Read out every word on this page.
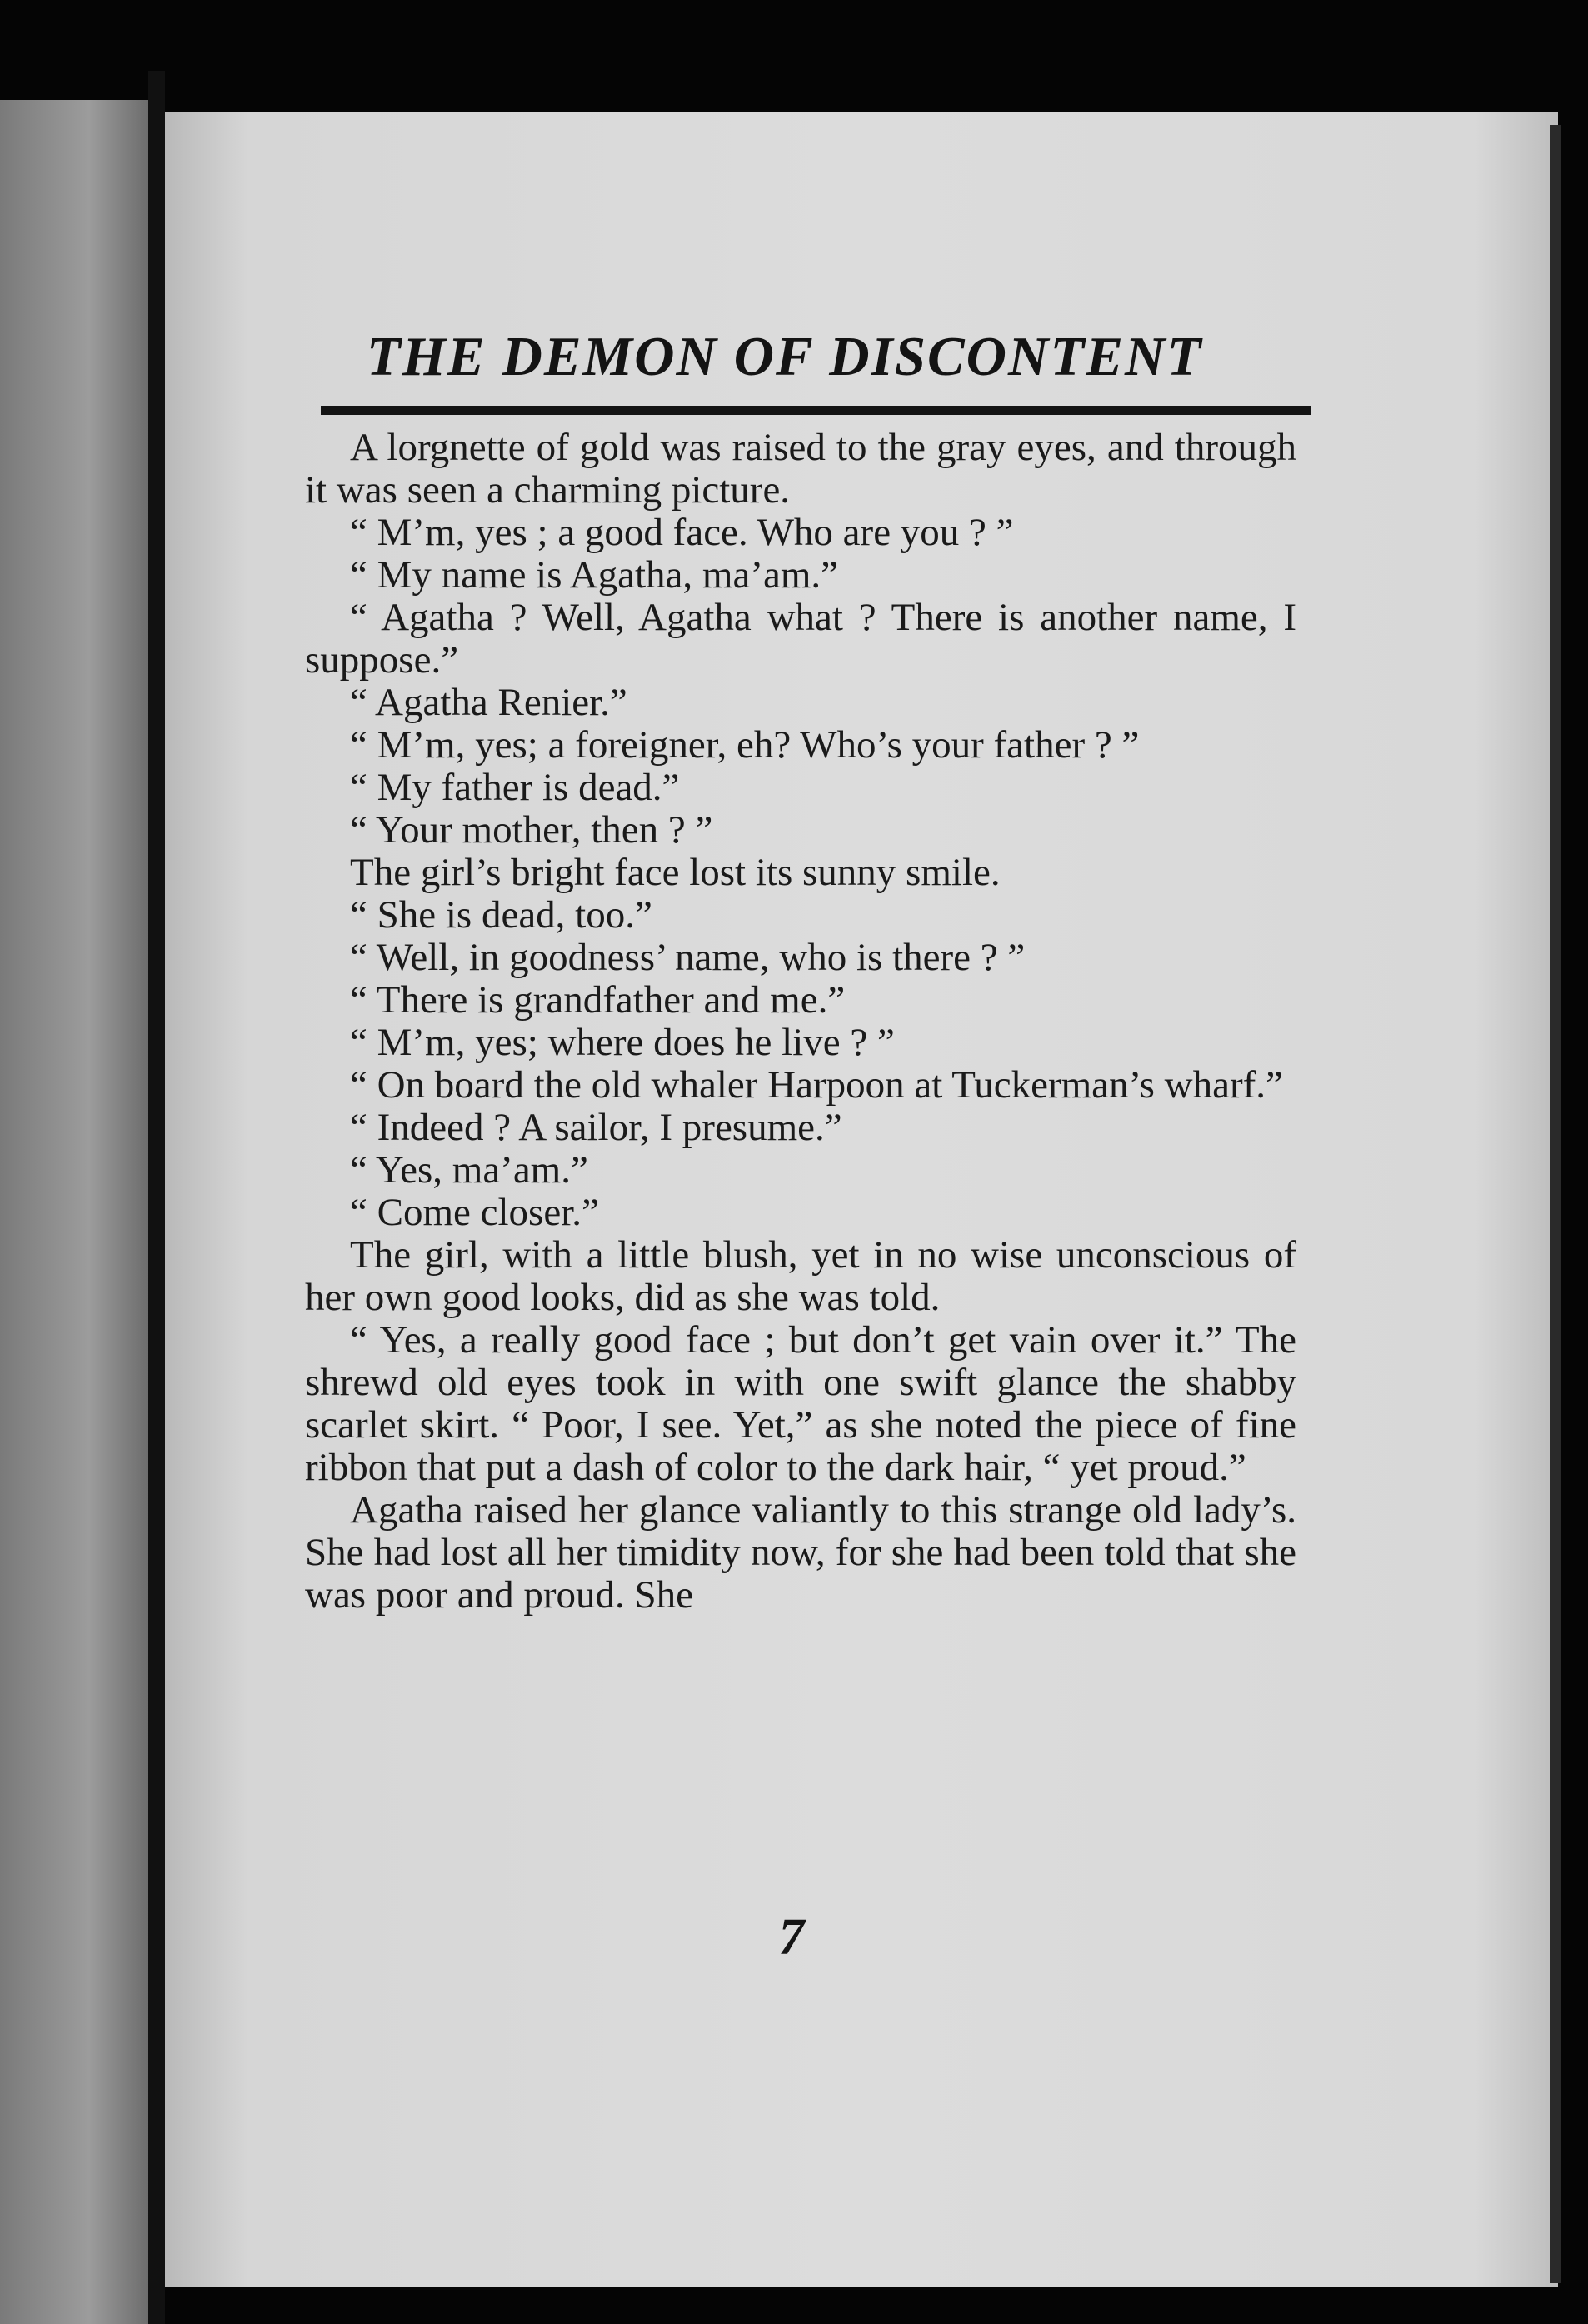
THE DEMON OF DISCONTENT

A lorgnette of gold was raised to the gray eyes, and through it was seen a charming picture.

“ M’m, yes ; a good face. Who are you ? ”

“ My name is Agatha, ma’am.”

“ Agatha ? Well, Agatha what ? There is another name, I suppose.”

“ Agatha Renier.”

“ M’m, yes; a foreigner, eh? Who’s your father ? ”

“ My father is dead.”

“ Your mother, then ? ”

The girl’s bright face lost its sunny smile.

“ She is dead, too.”

“ Well, in goodness’ name, who is there ? ”

“ There is grandfather and me.”

“ M’m, yes; where does he live ? ”

“ On board the old whaler Harpoon at Tuckerman’s wharf.”

“ Indeed ? A sailor, I presume.”

“ Yes, ma’am.”

“ Come closer.”

The girl, with a little blush, yet in no wise unconscious of her own good looks, did as she was told.

“ Yes, a really good face ; but don’t get vain over it.” The shrewd old eyes took in with one swift glance the shabby scarlet skirt. “ Poor, I see. Yet,” as she noted the piece of fine ribbon that put a dash of color to the dark hair, “ yet proud.”

Agatha raised her glance valiantly to this strange old lady’s. She had lost all her timidity now, for she had been told that she was poor and proud. She

7
